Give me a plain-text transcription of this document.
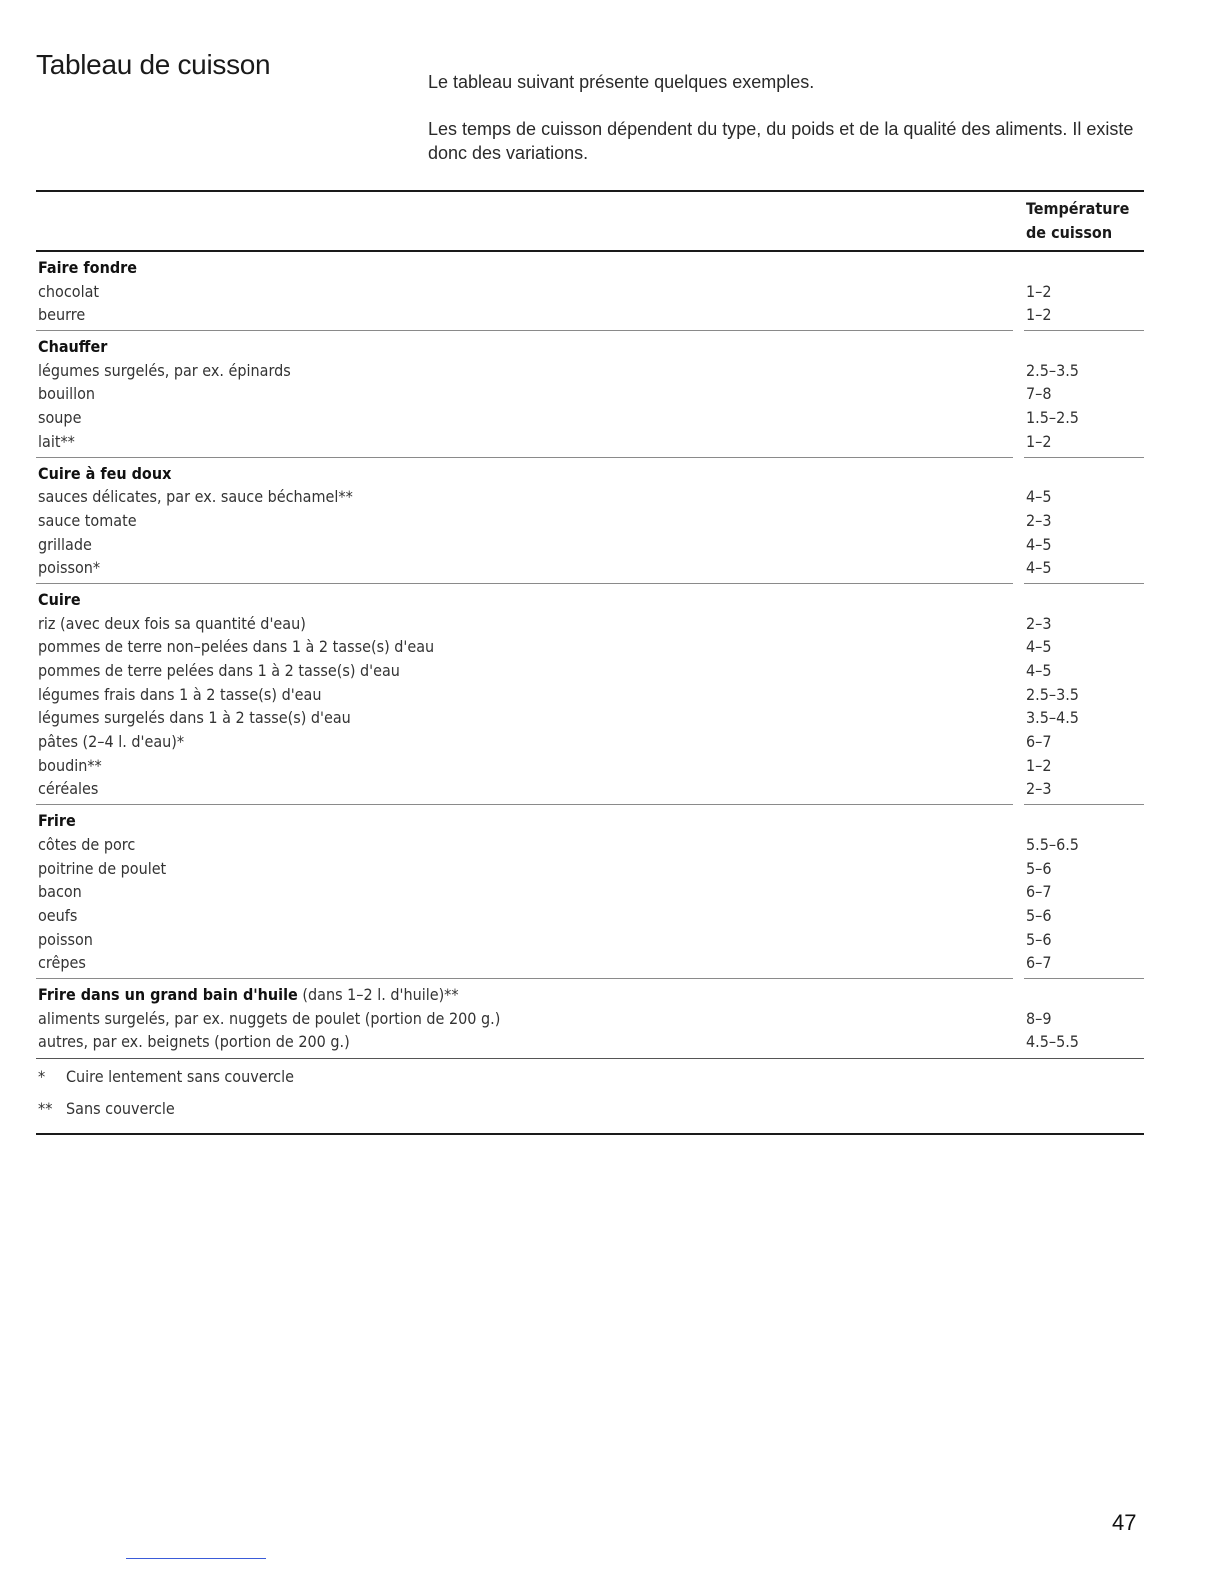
Tableau de cuisson

Le tableau suivant présente quelques exemples.

Les temps de cuisson dépendent du type, du poids et de la qualité des aliments. Il existe donc des variations.

Température
de cuisson
Faire fondre
chocolat	1–2
beurre	1–2
Chauffer
légumes surgelés, par ex. épinards	2.5–3.5
bouillon	7–8
soupe	1.5–2.5
lait**	1–2
Cuire à feu doux
sauces délicates, par ex. sauce béchamel**	4–5
sauce tomate	2–3
grillade	4–5
poisson*	4–5
Cuire
riz (avec deux fois sa quantité d'eau)	2–3
pommes de terre non–pelées dans 1 à 2 tasse(s) d'eau	4–5
pommes de terre pelées dans 1 à 2 tasse(s) d'eau	4–5
légumes frais dans 1 à 2 tasse(s) d'eau	2.5–3.5
légumes surgelés dans 1 à 2 tasse(s) d'eau	3.5–4.5
pâtes (2–4 l. d'eau)*	6–7
boudin**	1–2
céréales	2–3
Frire
côtes de porc	5.5–6.5
poitrine de poulet	5–6
bacon	6–7
oeufs	5–6
poisson	5–6
crêpes	6–7
Frire dans un grand bain d'huile (dans 1–2 l. d'huile)**
aliments surgelés, par ex. nuggets de poulet (portion de 200 g.)	8–9
autres, par ex. beignets (portion de 200 g.)	4.5–5.5
* Cuire lentement sans couvercle
** Sans couvercle
47
